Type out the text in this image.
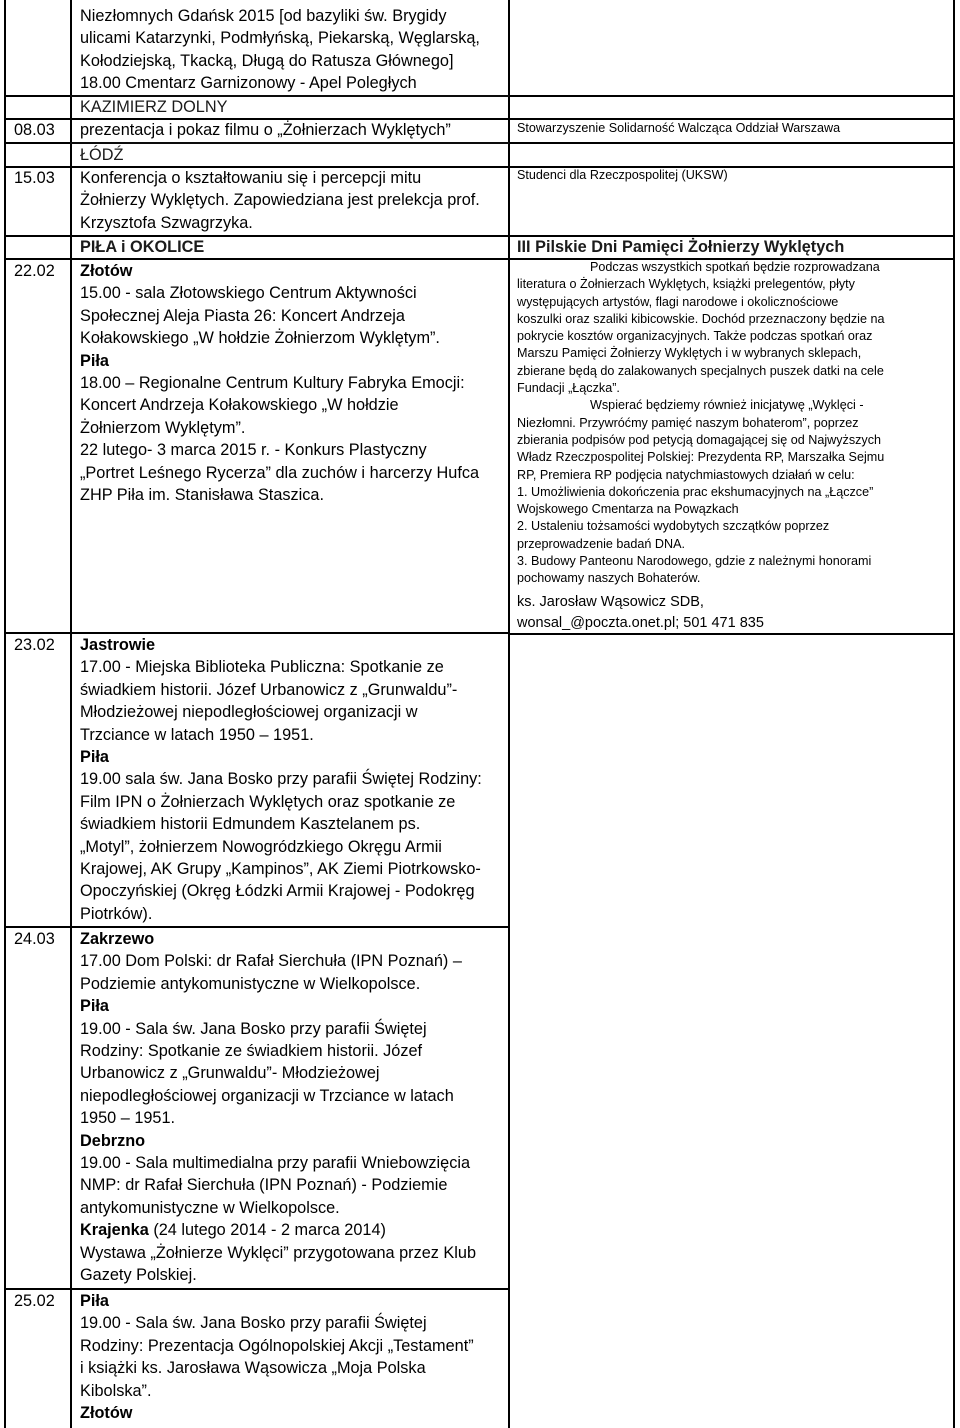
Niezłomnych Gdańsk 2015 [od bazyliki św. Brygidy
ulicami Katarzynki, Podmłyńską, Piekarską, Węglarską,
Kołodziejską, Tkacką, Długą do Ratusza Głównego]
18.00 Cmentarz Garnizonowy - Apel Poległych
KAZIMIERZ DOLNY
08.03 prezentacja i pokaz filmu o „Żołnierzach Wyklętych”	Stowarzyszenie Solidarność Walcząca Oddział Warszawa
ŁÓDŹ
15.03 Konferencja o kształtowaniu się i percepcji mitu
Żołnierzy Wyklętych. Zapowiedziana jest prelekcja prof.
Krzysztofa Szwagrzyka.
Studenci dla Rzeczpospolitej (UKSW)
PIŁA i OKOLICE	III Pilskie Dni Pamięci Żołnierzy Wyklętych
22.02 Złotów
15.00 - sala Złotowskiego Centrum Aktywności
Społecznej Aleja Piasta 26: Koncert Andrzeja
Kołakowskiego „W hołdzie Żołnierzom Wyklętym”.
Piła
18.00 – Regionalne Centrum Kultury Fabryka Emocji:
Koncert Andrzeja Kołakowskiego „W hołdzie
Żołnierzom Wyklętym”.
22 lutego- 3 marca 2015 r. - Konkurs Plastyczny
„Portret Leśnego Rycerza” dla zuchów i harcerzy Hufca
ZHP Piła im. Stanisława Staszica.
23.02 Jastrowie
17.00 - Miejska Biblioteka Publiczna: Spotkanie ze
świadkiem historii. Józef Urbanowicz z „Grunwaldu”-
Młodzieżowej niepodległościowej organizacji w
Trzciance w latach 1950 – 1951.
Piła
19.00 sala św. Jana Bosko przy parafii Świętej Rodziny:
Film IPN o Żołnierzach Wyklętych oraz spotkanie ze
świadkiem historii Edmundem Kasztelanem ps.
„Motyl”, żołnierzem Nowogródzkiego Okręgu Armii
Krajowej, AK Grupy „Kampinos”, AK Ziemi Piotrkowsko-
Opoczyńskiej (Okręg Łódzki Armii Krajowej - Podokręg
Piotrków).
24.03 Zakrzewo
17.00 Dom Polski: dr Rafał Sierchuła (IPN Poznań) –
Podziemie antykomunistyczne w Wielkopolsce.
Piła
19.00 - Sala św. Jana Bosko przy parafii Świętej
Rodziny: Spotkanie ze świadkiem historii. Józef
Urbanowicz z „Grunwaldu”- Młodzieżowej
niepodległościowej organizacji w Trzciance w latach
1950 – 1951.
Debrzno
19.00 - Sala multimedialna przy parafii Wniebowzięcia
NMP: dr Rafał Sierchuła (IPN Poznań) - Podziemie
antykomunistyczne w Wielkopolsce.
Krajenka (24 lutego 2014 - 2 marca 2014)
Wystawa „Żołnierze Wyklęci” przygotowana przez Klub
Gazety Polskiej.
25.02 Piła
19.00 - Sala św. Jana Bosko przy parafii Świętej
Rodziny: Prezentacja Ogólnopolskiej Akcji „Testament”
i książki ks. Jarosława Wąsowicza „Moja Polska
Kibolska”.
Złotów
Podczas wszystkich spotkań będzie rozprowadzana
literatura o Żołnierzach Wyklętych, książki prelegentów, płyty
występujących artystów, flagi narodowe i okolicznościowe
koszulki oraz szaliki kibicowskie. Dochód przeznaczony będzie na
pokrycie kosztów organizacyjnych. Także podczas spotkań oraz
Marszu Pamięci Żołnierzy Wyklętych i w wybranych sklepach,
zbierane będą do zalakowanych specjalnych puszek datki na cele
Fundacji „Łączka”.
Wspierać będziemy również inicjatywę „Wyklęci -
Niezłomni. Przywróćmy pamięć naszym bohaterom”, poprzez
zbierania podpisów pod petycją domagającej się od Najwyższych
Władz Rzeczpospolitej Polskiej: Prezydenta RP, Marszałka Sejmu
RP, Premiera RP podjęcia natychmiastowych działań w celu:
1. Umożliwienia dokończenia prac ekshumacyjnych na „Łączce”
Wojskowego Cmentarza na Powązkach
2. Ustaleniu tożsamości wydobytych szczątków poprzez
przeprowadzenie badań DNA.
3. Budowy Panteonu Narodowego, gdzie z należnymi honorami
pochowamy naszych Bohaterów.
ks. Jarosław Wąsowicz SDB,
wonsal_@poczta.onet.pl; 501 471 835
